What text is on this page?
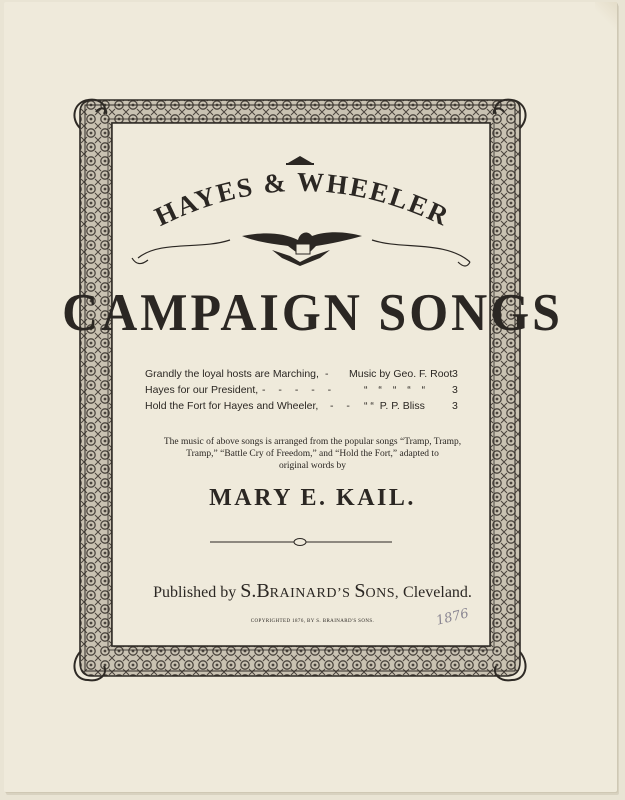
HAYES & WHEELER
CAMPAIGN SONGS
Grandly the loyal hosts are Marching, - Music by Geo. F. Root 3
Hayes for our President, - - - - -	“ “ “ “ “ 3
Hold the Fort for Hayes and Wheeler, - - “ “  P. P. Bliss	3
The music of above songs is arranged from the popular songs “Tramp, Tramp,
Tramp,” “Battle Cry of Freedom,” and “Hold the Fort,” adapted to
original words by
MARY E. KAIL.
Published by S.BRAINARD’S SONS, Cleveland.
COPYRIGHTED 1876, BY S. BRAINARD'S SONS.	1876
